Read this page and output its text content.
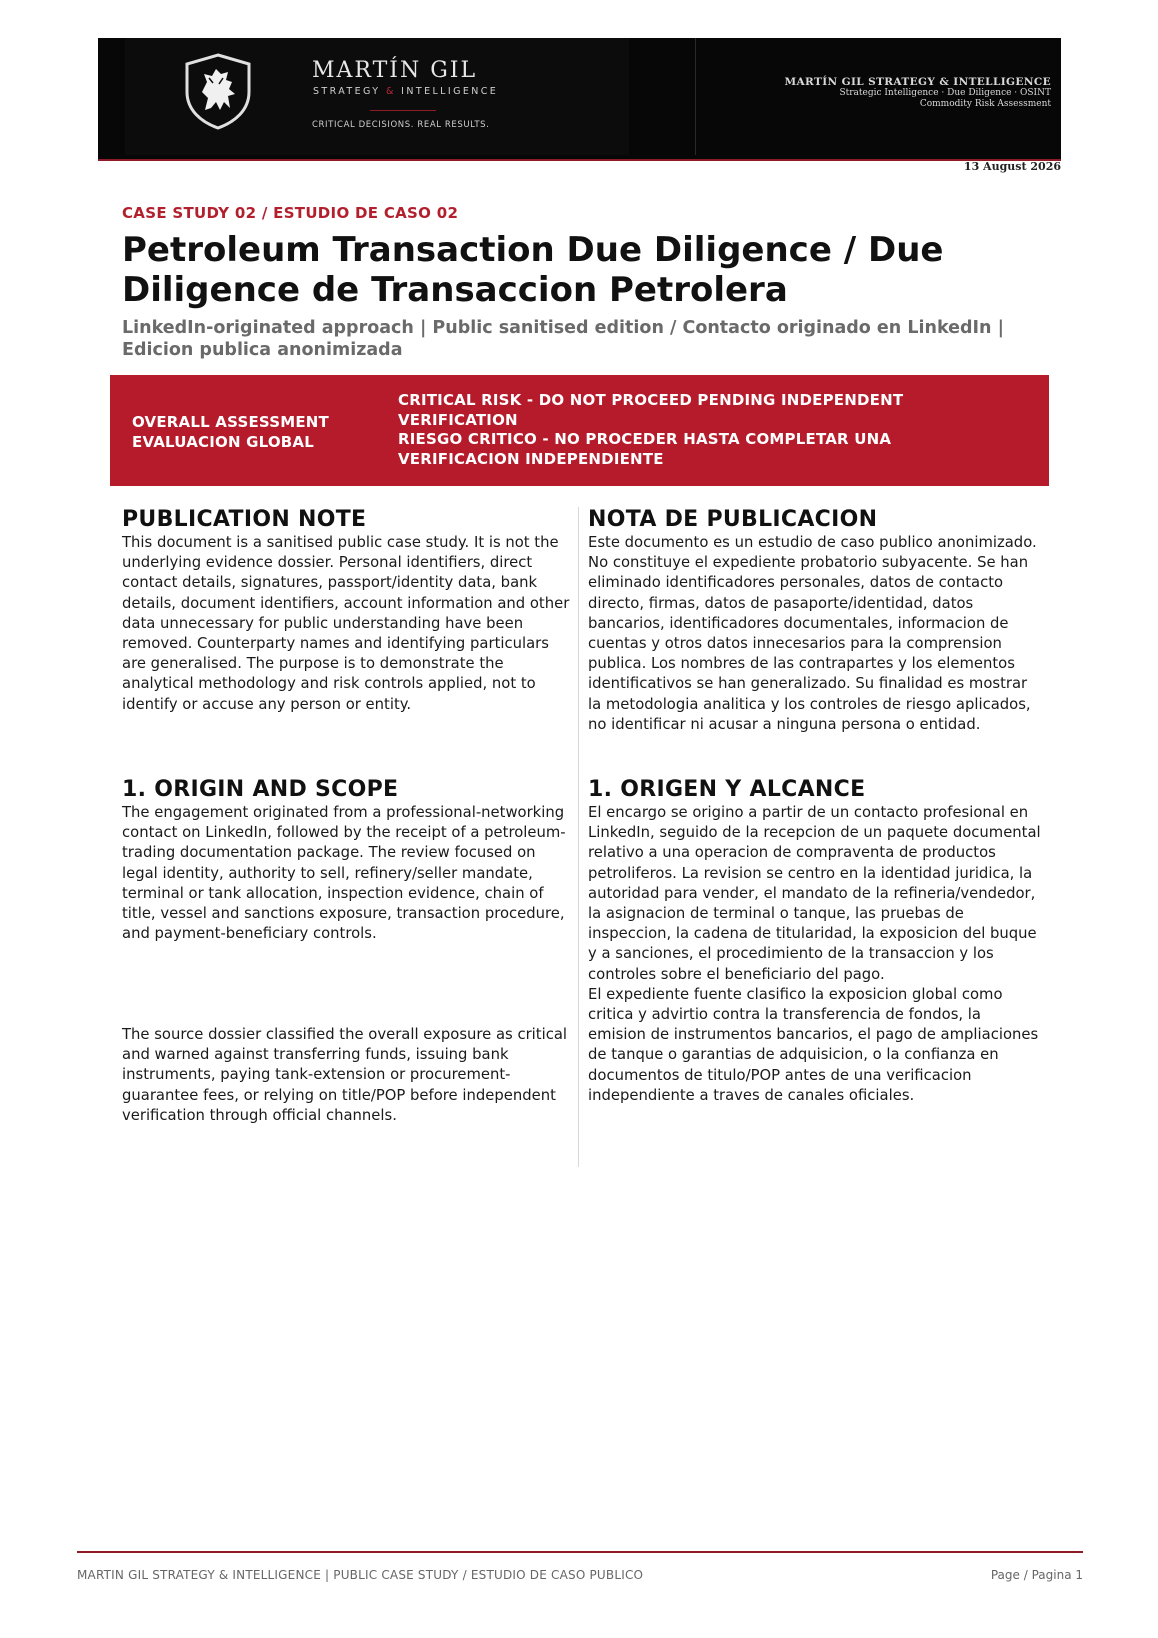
MARTÍN GIL
STRATEGY & INTELLIGENCE
CRITICAL DECISIONS. REAL RESULTS.
MARTÍN GIL STRATEGY & INTELLIGENCE
Strategic Intelligence · Due Diligence · OSINT
Commodity Risk Assessment
13 August 2026
CASE STUDY 02 / ESTUDIO DE CASO 02
Petroleum Transaction Due Diligence / Due Diligence de Transaccion Petrolera
LinkedIn-originated approach | Public sanitised edition / Contacto originado en LinkedIn | Edicion publica anonimizada
OVERALL ASSESSMENT
EVALUACION GLOBAL
CRITICAL RISK - DO NOT PROCEED PENDING INDEPENDENT VERIFICATION
RIESGO CRITICO - NO PROCEDER HASTA COMPLETAR UNA VERIFICACION INDEPENDIENTE
PUBLICATION NOTE

This document is a sanitised public case study. It is not the underlying evidence dossier. Personal identifiers, direct contact details, signatures, passport/identity data, bank details, document identifiers, account information and other data unnecessary for public understanding have been removed. Counterparty names and identifying particulars are generalised. The purpose is to demonstrate the analytical methodology and risk controls applied, not to identify or accuse any person or entity.

1. ORIGIN AND SCOPE

The engagement originated from a professional-networking contact on LinkedIn, followed by the receipt of a petroleum-trading documentation package. The review focused on legal identity, authority to sell, refinery/seller mandate, terminal or tank allocation, inspection evidence, chain of title, vessel and sanctions exposure, transaction procedure, and payment-beneficiary controls.

The source dossier classified the overall exposure as critical and warned against transferring funds, issuing bank instruments, paying tank-extension or procurement-guarantee fees, or relying on title/POP before independent verification through official channels.

NOTA DE PUBLICACION

Este documento es un estudio de caso publico anonimizado. No constituye el expediente probatorio subyacente. Se han eliminado identificadores personales, datos de contacto directo, firmas, datos de pasaporte/identidad, datos bancarios, identificadores documentales, informacion de cuentas y otros datos innecesarios para la comprension publica. Los nombres de las contrapartes y los elementos identificativos se han generalizado. Su finalidad es mostrar la metodologia analitica y los controles de riesgo aplicados, no identificar ni acusar a ninguna persona o entidad.

1. ORIGEN Y ALCANCE

El encargo se origino a partir de un contacto profesional en LinkedIn, seguido de la recepcion de un paquete documental relativo a una operacion de compraventa de productos petroliferos. La revision se centro en la identidad juridica, la autoridad para vender, el mandato de la refineria/vendedor, la asignacion de terminal o tanque, las pruebas de inspeccion, la cadena de titularidad, la exposicion del buque y a sanciones, el procedimiento de la transaccion y los controles sobre el beneficiario del pago.

El expediente fuente clasifico la exposicion global como critica y advirtio contra la transferencia de fondos, la emision de instrumentos bancarios, el pago de ampliaciones de tanque o garantias de adquisicion, o la confianza en documentos de titulo/POP antes de una verificacion independiente a traves de canales oficiales.

MARTIN GIL STRATEGY & INTELLIGENCE | PUBLIC CASE STUDY / ESTUDIO DE CASO PUBLICO	Page / Pagina 1
